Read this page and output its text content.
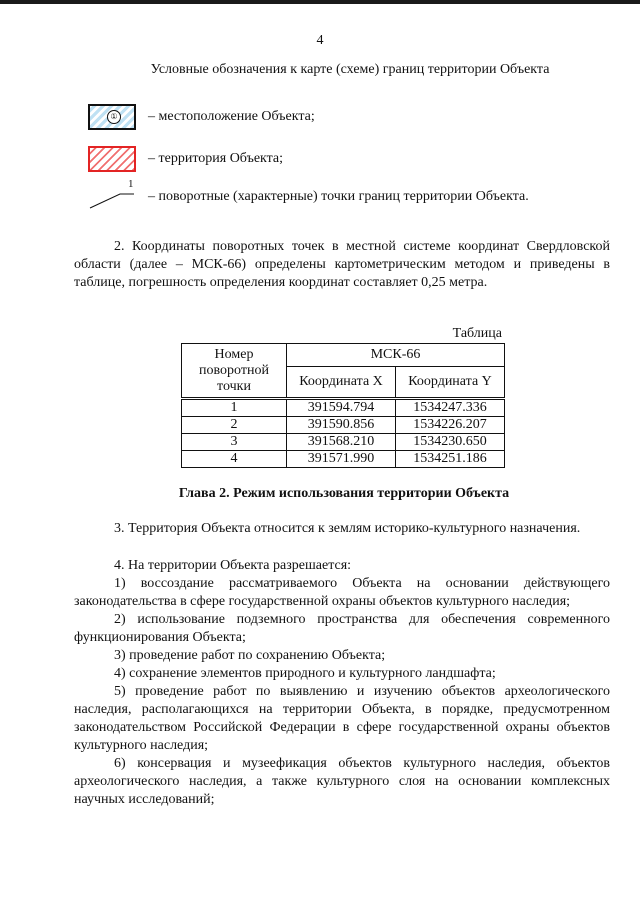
4
Условные обозначения к карте (схеме) границ территории Объекта
① – местоположение Объекта;
– территория Объекта;
1
– поворотные (характерные) точки границ территории Объекта.

2. Координаты поворотных точек в местной системе координат Свердловской области (далее – МСК-66) определены картометрическим методом и приведены в таблице, погрешность определения координат составляет 0,25 метра.

Таблица
Номер поворотной точки	МСК-66	
	Координата X	Координата Y
1	391594.794	1534247.336
2	391590.856	1534226.207
3	391568.210	1534230.650
4	391571.990	1534251.186
Глава 2. Режим использования территории Объекта

3. Территория Объекта относится к землям историко-культурного назначения.

4. На территории Объекта разрешается:

1) воссоздание рассматриваемого Объекта на основании действующего законодательства в сфере государственной охраны объектов культурного наследия;

2) использование подземного пространства для обеспечения современного функционирования Объекта;

3) проведение работ по сохранению Объекта;

4) сохранение элементов природного и культурного ландшафта;

5) проведение работ по выявлению и изучению объектов археологического наследия, располагающихся на территории Объекта, в порядке, предусмотренном законодательством Российской Федерации в сфере государственной охраны объектов культурного наследия;

6) консервация и музеефикация объектов культурного наследия, объектов археологического наследия, а также культурного слоя на основании комплексных научных исследований;
